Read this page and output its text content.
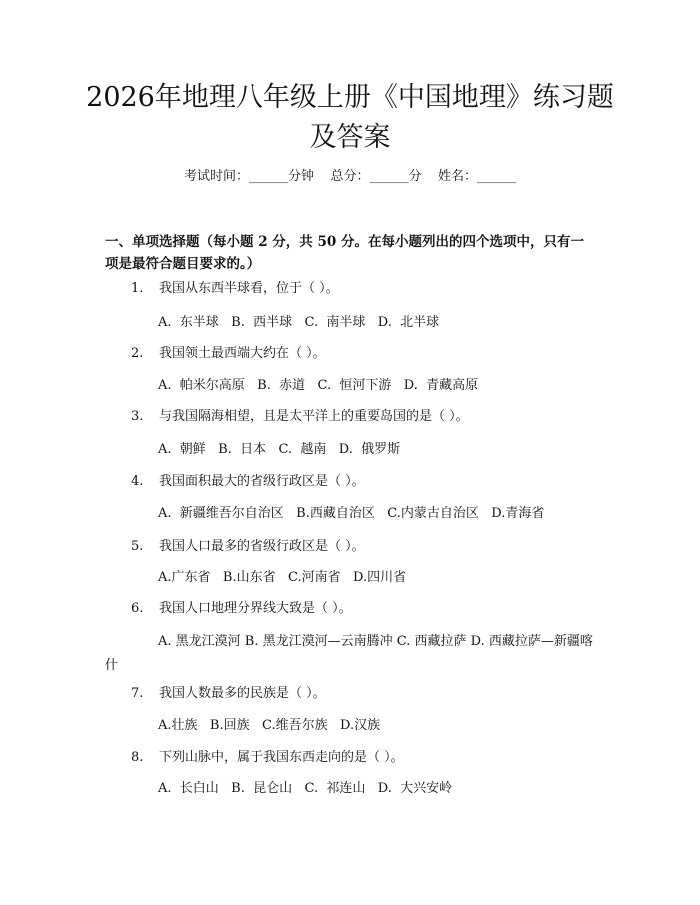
2026年地理八年级上册《中国地理》练习题
及答案
考试时间：______分钟    总分：______分    姓名：______

一、单项选择题（每小题 2 分，共 50 分。在每小题列出的四个选项中，只有一项是最符合题目要求的。）

1. 我国从东西半球看，位于（ ）。
A.  东半球   B.  西半球   C.  南半球   D.  北半球
2. 我国领土最西端大约在（ ）。
A.  帕米尔高原   B.  赤道   C.  恒河下游   D.  青藏高原
3. 与我国隔海相望，且是太平洋上的重要岛国的是（ ）。
A.  朝鲜   B.  日本   C.  越南   D.  俄罗斯
4. 我国面积最大的省级行政区是（ ）。
A.  新疆维吾尔自治区   B.西藏自治区   C.内蒙古自治区   D.青海省
5. 我国人口最多的省级行政区是（ ）。
A.广东省   B.山东省   C.河南省   D.四川省
6. 我国人口地理分界线大致是（ ）。
A. 黑龙江漠河 B. 黑龙江漠河—云南腾冲 C. 西藏拉萨 D. 西藏拉萨—新疆喀什
7. 我国人数最多的民族是（ ）。
A.壮族   B.回族   C.维吾尔族   D.汉族
8. 下列山脉中，属于我国东西走向的是（ ）。
A.  长白山   B.  昆仑山   C.  祁连山   D.  大兴安岭
